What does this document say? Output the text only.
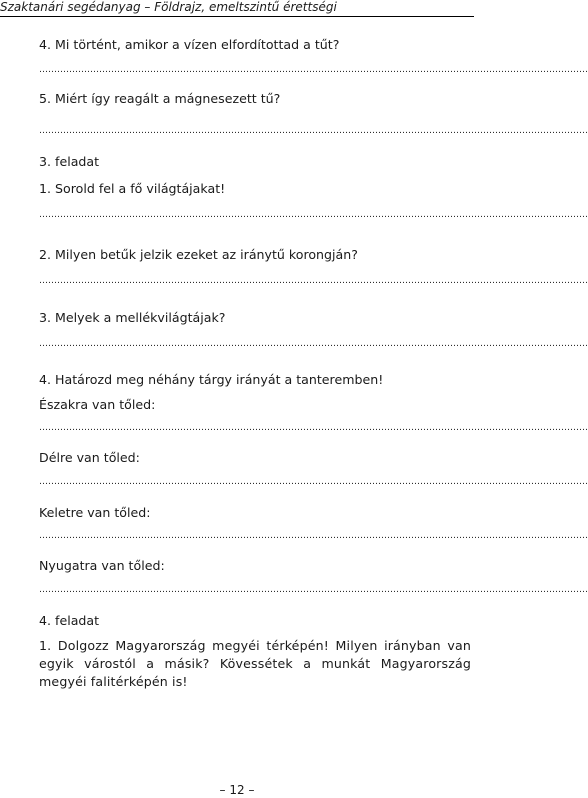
Szaktanári segédanyag – Földrajz, emeltszintű érettségi
4. Mi történt, amikor a vízen elfordítottad a tűt?
…………………………………………………………………………………………………………………………………………………………………
5. Miért így reagált a mágnesezett tű?
…………………………………………………………………………………………………………………………………………………………………
3. feladat
1. Sorold fel a fő világtájakat!
…………………………………………………………………………………………………………………………………………………………………
2. Milyen betűk jelzik ezeket az iránytű korongján?
…………………………………………………………………………………………………………………………………………………………………
3. Melyek a mellékvilágtájak?
…………………………………………………………………………………………………………………………………………………………………
4. Határozd meg néhány tárgy irányát a tanteremben!
Északra van tőled:
…………………………………………………………………………………………………………………………………………………………………
Délre van tőled:
…………………………………………………………………………………………………………………………………………………………………
Keletre van tőled:
…………………………………………………………………………………………………………………………………………………………………
Nyugatra van tőled:
…………………………………………………………………………………………………………………………………………………………………
4. feladat
1. Dolgozz Magyarország megyéi térképén! Milyen irányban van egyik várostól a másik? Kövessétek a munkát Magyarország megyéi falitérképén is!
– 12 –
